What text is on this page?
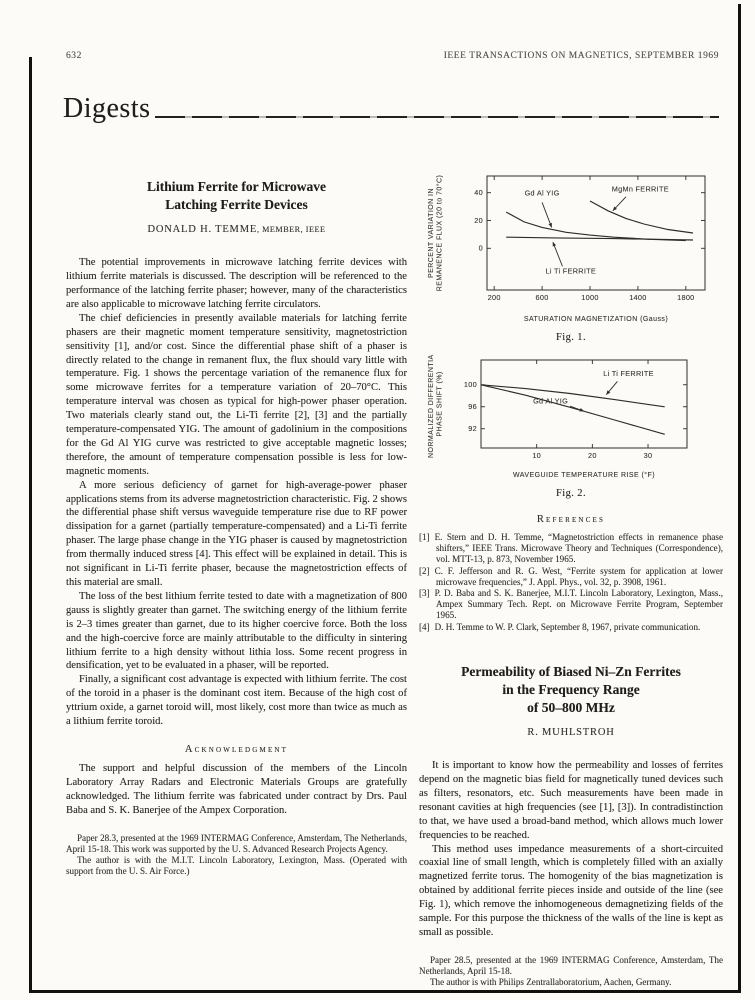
632	IEEE TRANSACTIONS ON MAGNETICS, SEPTEMBER 1969
Digests
Lithium Ferrite for Microwave
Latching Ferrite Devices
DONALD H. TEMME, MEMBER, IEEE

The potential improvements in microwave latching ferrite devices with lithium ferrite materials is discussed. The description will be referenced to the performance of the latching ferrite phaser; however, many of the characteristics are also applicable to microwave latching ferrite circulators.

The chief deficiencies in presently available materials for latching ferrite phasers are their magnetic moment temperature sensitivity, magnetostriction sensitivity [1], and/or cost. Since the differential phase shift of a phaser is directly related to the change in remanent flux, the flux should vary little with temperature. Fig. 1 shows the percentage variation of the remanence flux for some microwave ferrites for a temperature variation of 20–70°C. This temperature interval was chosen as typical for high-power phaser operation. Two materials clearly stand out, the Li-Ti ferrite [2], [3] and the partially temperature-compensated YIG. The amount of gadolinium in the compositions for the Gd Al YIG curve was restricted to give acceptable magnetic losses; therefore, the amount of temperature compensation possible is less for low-magnetic moments.

A more serious deficiency of garnet for high-average-power phaser applications stems from its adverse magnetostriction characteristic. Fig. 2 shows the differential phase shift versus waveguide temperature rise due to RF power dissipation for a garnet (partially temperature-compensated) and a Li-Ti ferrite phaser. The large phase change in the YIG phaser is caused by magnetostriction from thermally induced stress [4]. This effect will be explained in detail. This is not significant in Li-Ti ferrite phaser, because the magnetostriction effects of this material are small.

The loss of the best lithium ferrite tested to date with a magnetization of 800 gauss is slightly greater than garnet. The switching energy of the lithium ferrite is 2–3 times greater than garnet, due to its higher coercive force. Both the loss and the high-coercive force are mainly attributable to the difficulty in sintering lithium ferrite to a high density without lithia loss. Some recent progress in densification, yet to be evaluated in a phaser, will be reported.

Finally, a significant cost advantage is expected with lithium ferrite. The cost of the toroid in a phaser is the dominant cost item. Because of the high cost of yttrium oxide, a garnet toroid will, most likely, cost more than twice as much as a lithium ferrite toroid.

Acknowledgment

The support and helpful discussion of the members of the Lincoln Laboratory Array Radars and Electronic Materials Groups are gratefully acknowledged. The lithium ferrite was fabricated under contract by Drs. Paul Baba and S. K. Banerjee of the Ampex Corporation.

Paper 28.3, presented at the 1969 INTERMAG Conference, Amsterdam, The Netherlands, April 15-18. This work was supported by the U. S. Advanced Research Projects Agency.

The author is with the M.I.T. Lincoln Laboratory, Lexington, Mass. (Operated with support from the U. S. Air Force.)

200	600	1000	1400	1800
0
20
40	Gd Al YIG	MgMn FERRITE
Li Ti FERRITE
SATURATION MAGNETIZATION (Gauss)
PERCENT VARIATION IN REMANENCE FLUX (20 to 70°C)
Fig. 1.
10	20	30
92
96
100
Li Ti FERRITE
Gd Al YIG
WAVEGUIDE TEMPERATURE RISE (°F)
NORMALIZED DIFFERENTIAL PHASE SHIFT (%)
Fig. 2.
References

[1] E. Stern and D. H. Temme, “Magnetostriction effects in remanence phase shifters,” IEEE Trans. Microwave Theory and Techniques (Correspondence), vol. MTT-13, p. 873, November 1965.

[2] C. F. Jefferson and R. G. West, “Ferrite system for application at lower microwave frequencies,” J. Appl. Phys., vol. 32, p. 3908, 1961.

[3] P. D. Baba and S. K. Banerjee, M.I.T. Lincoln Laboratory, Lexington, Mass., Ampex Summary Tech. Rept. on Microwave Ferrite Program, September 1965.

[4] D. H. Temme to W. P. Clark, September 8, 1967, private communication.

Permeability of Biased Ni–Zn Ferrites
in the Frequency Range
of 50–800 MHz
R. MUHLSTROH

It is important to know how the permeability and losses of ferrites depend on the magnetic bias field for magnetically tuned devices such as filters, resonators, etc. Such measurements have been made in resonant cavities at high frequencies (see [1], [3]). In contradistinction to that, we have used a broad-band method, which allows much lower frequencies to be reached.

This method uses impedance measurements of a short-circuited coaxial line of small length, which is completely filled with an axially magnetized ferrite torus. The homogenity of the bias magnetization is obtained by additional ferrite pieces inside and outside of the line (see Fig. 1), which remove the inhomogeneous demagnetizing fields of the sample. For this purpose the thickness of the walls of the line is kept as small as possible.

Paper 28.5, presented at the 1969 INTERMAG Conference, Amsterdam, The Netherlands, April 15-18.

The author is with Philips Zentrallaboratorium, Aachen, Germany.
